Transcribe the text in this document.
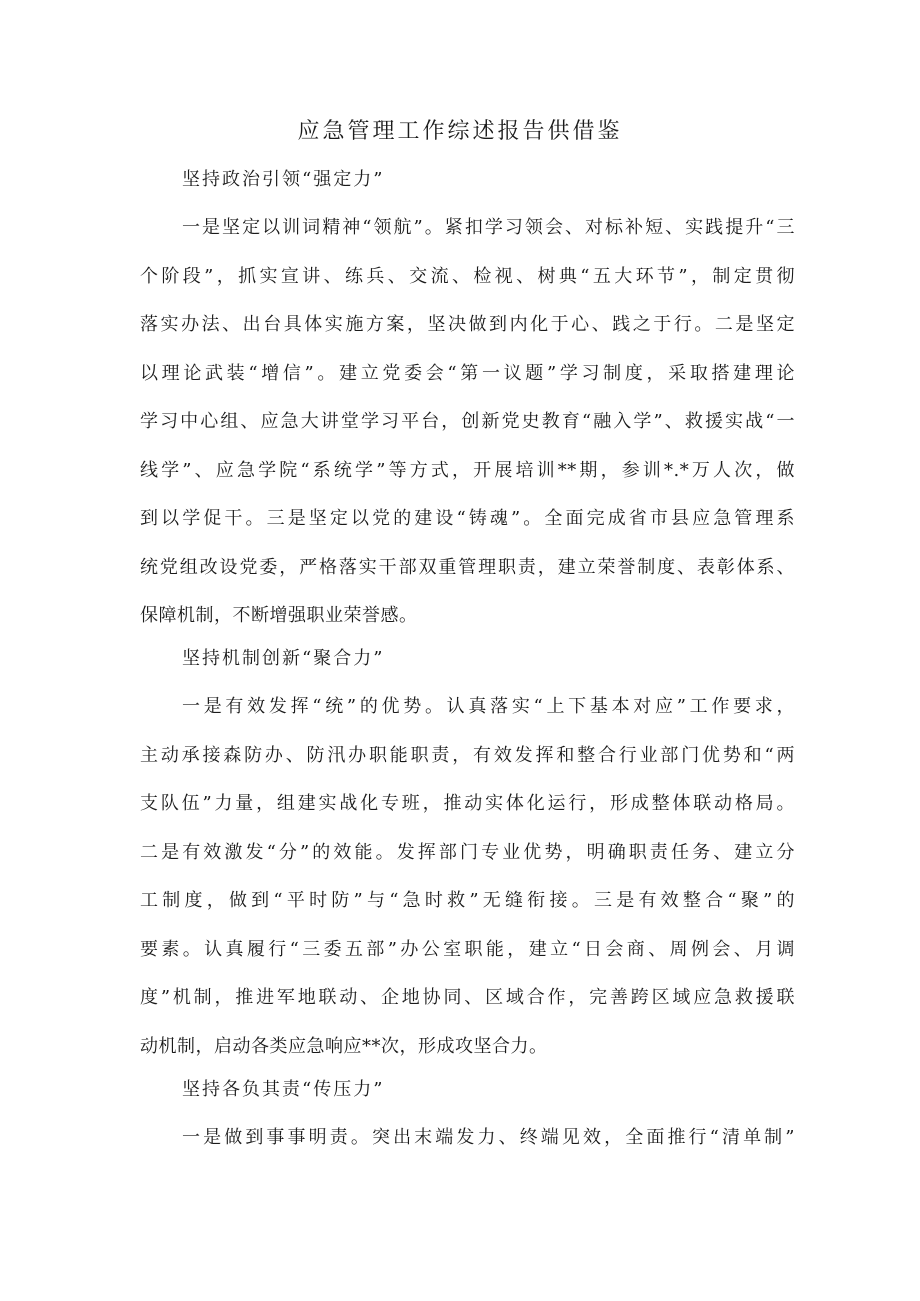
应急管理工作综述报告供借鉴
坚持政治引领“强定力”
一是坚定以训词精神“领航”。紧扣学习领会、对标补短、实践提升“三
个阶段”，抓实宣讲、练兵、交流、检视、树典“五大环节”，制定贯彻
落实办法、出台具体实施方案，坚决做到内化于心、践之于行。二是坚定
以理论武装“增信”。建立党委会“第一议题”学习制度，采取搭建理论
学习中心组、应急大讲堂学习平台，创新党史教育“融入学”、救援实战“一
线学”、应急学院“系统学”等方式，开展培训**期，参训*.*万人次，做
到以学促干。三是坚定以党的建设“铸魂”。全面完成省市县应急管理系
统党组改设党委，严格落实干部双重管理职责，建立荣誉制度、表彰体系、
保障机制，不断增强职业荣誉感。
坚持机制创新“聚合力”
一是有效发挥“统”的优势。认真落实“上下基本对应”工作要求，
主动承接森防办、防汛办职能职责，有效发挥和整合行业部门优势和“两
支队伍”力量，组建实战化专班，推动实体化运行，形成整体联动格局。
二是有效激发“分”的效能。发挥部门专业优势，明确职责任务、建立分
工制度，做到“平时防”与“急时救”无缝衔接。三是有效整合“聚”的
要素。认真履行“三委五部”办公室职能，建立“日会商、周例会、月调
度”机制，推进军地联动、企地协同、区域合作，完善跨区域应急救援联
动机制，启动各类应急响应**次，形成攻坚合力。
坚持各负其责“传压力”
一是做到事事明责。突出末端发力、终端见效，全面推行“清单制”
